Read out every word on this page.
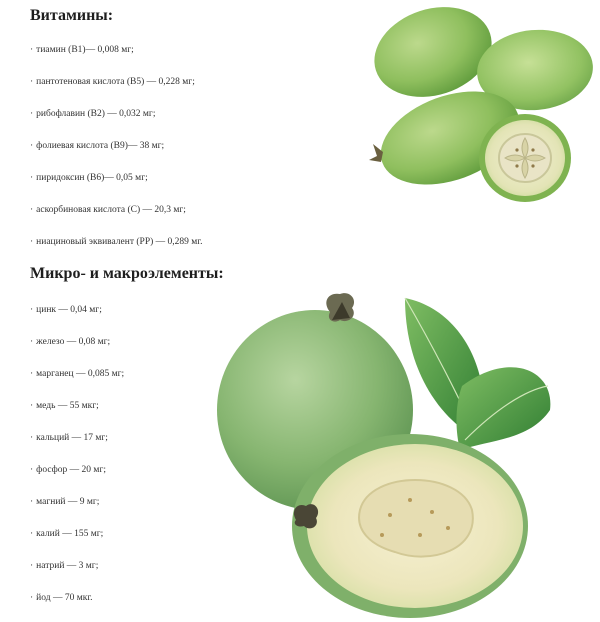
Витамины:
· тиамин (B1)— 0,008 мг;
· пантотеновая кислота (B5) — 0,228 мг;
· рибофлавин (B2) — 0,032 мг;
· фолиевая кислота (B9)— 38 мг;
· пиридоксин (B6)— 0,05 мг;
· аскорбиновая кислота (C) — 20,3 мг;
· ниациновый эквивалент (PP) — 0,289 мг.
Микро- и макроэлементы:
· цинк — 0,04 мг;
· железо — 0,08 мг;
· марганец — 0,085 мг;
· медь — 55 мкг;
· кальций — 17 мг;
· фосфор — 20 мг;
· магний — 9 мг;
· калий — 155 мг;
· натрий — 3 мг;
· йод — 70 мкг.
